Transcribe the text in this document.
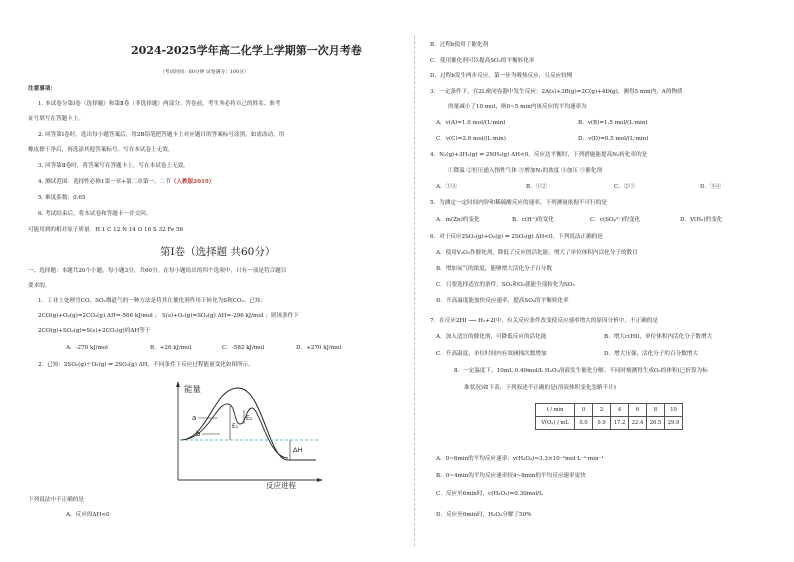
2024-2025学年高二化学上学期第一次月考卷
（考试时间：60分钟 试卷满分：100分）
注意事项：
1. 本试卷分第Ⅰ卷（选择题）和第Ⅱ卷（非选择题）两部分。答卷前，考生务必将自己的姓名、准考
证号填写在答题卡上。
2. 回答第Ⅰ卷时，选出每小题答案后，用2B铅笔把答题卡上对应题目的答案标号涂黑。如需改动，用
橡皮擦干净后，再选涂其他答案标号。写在本试卷上无效。
3. 回答第Ⅱ卷时，将答案写在答题卡上。写在本试卷上无效。
4. 测试范围：选择性必修1第一章+第二章第一、二节（人教版2019）
5. 难度系数：0.65
6. 考试结束后，将本试卷和答题卡一并交回。
可能用到的相对原子质量：H 1 C 12 N 14 O 16 S 32 Fe 56
第Ⅰ卷（选择题 共60分）
一、选择题：本题共20个小题，每小题3分，共60分。在每小题给出的四个选项中，只有一项是符合题目
要求的。
1．工业上处理含CO、SO₂烟道气的一种方法是将其在催化剂作用下转化为S和CO₂。已知：
2CO(g)+O₂(g)=2CO₂(g) ΔH=-566 kJ/mol ； S(s)+O₂(g)=SO₂(g) ΔH=-296 kJ/mol ；则该条件下
2CO(g)+SO₂(g)=S(s)+2CO₂(g)的ΔH等于
A．-270 kJ/mol	B．+26 kJ/mol	C．-582 kJ/mol	D．+270 kJ/mol
2．已知：2SO₂(g)＋O₂(g) ⇌ 2SO₃(g) ΔH，不同条件下反应过程能量变化如图所示。
能量
反应进程
a
b
E₁
E₂
ΔH
下列说法中不正确的是
A．反应的ΔH<0
B．过程b使用了催化剂
C．使用催化剂可以提高SO₂的平衡转化率
D．过程b发生两步反应，第一步为吸热反应，且反应较慢
3．一定条件下，在2L密闭容器中发生反应：2A(s)+3B(g)=2C(g)+4D(g)，测得5 min内，A的物质
的量减小了10 mol，则0~5 min内该反应的平均速率为
A．v(A)=1.0 mol/(L·min)	B．v(B)=1.5 mol/(L·min)
C．v(C)=2.0 mol/(L·min)	D．v(D)=0.5 mol/(L·min)
4．N₂(g)+3H₂(g) ⇌ 2NH₃(g) ΔH<0。反应达平衡时，下列措施能提高N₂转化率的是
①降温 ②恒压通入惰性气体 ③增加N₂的浓度 ④加压 ⑤催化剂
A．①④	B．①②	C．②⑤	D．③④
5．为测定一定时间内锌和稀硫酸反应的速率，下列测量依据不可行的是
A．m(Zn)的变化	B．c(H⁺)的变化	C．c(SO₄²⁻)的变化	D．V(H₂)的变化
6．对于反应2SO₂(g)+O₂(g) ⇌ 2SO₃(g) ΔH<0，下列说法正确的是
A．使用V₂O₅作催化剂，降低了反应的活化能，增大了单位体积内活化分子的数目
B．增加氧气的浓度，能够增大活化分子百分数
C．只要选择适宜的条件，SO₂和O₂就能全部转化为SO₃
D．升高温度能加快反应速率，提高SO₂的平衡转化率
7．在反应2HI ⟶ H₂+2I中，有关反应条件改变使反应速率增大的原因分析中，不正确的是
A．加入适宜的催化剂，可降低反应的活化能	B．增大c(HI)，单位体积内活化分子数增大
C．升高温度，单位时间内有效碰撞次数增加	D．增大压强，活化分子的百分数增大
8．一定温度下，10mL 0.40mol/L H₂O₂溶液发生催化分解。不同时刻测得生成O₂的体积(已折算为标
准状况)如下表，下列叙述不正确的是(溶液体积变化忽略不计)
t / min	0	2	4	6	8	10
V(O₂) / mL	0.0	9.9	17.2	22.4	26.5	29.9
A．0~6min的平均反应速率：v(H₂O₂)≈3.3×10⁻²mol·L⁻¹·min⁻¹
B．0~4min的平均反应速率较4~8min的平均反应速率更快
C．反应至6min时，c(H₂O₂)=0.30mol/L
D．反应至6min时，H₂O₂分解了50%
